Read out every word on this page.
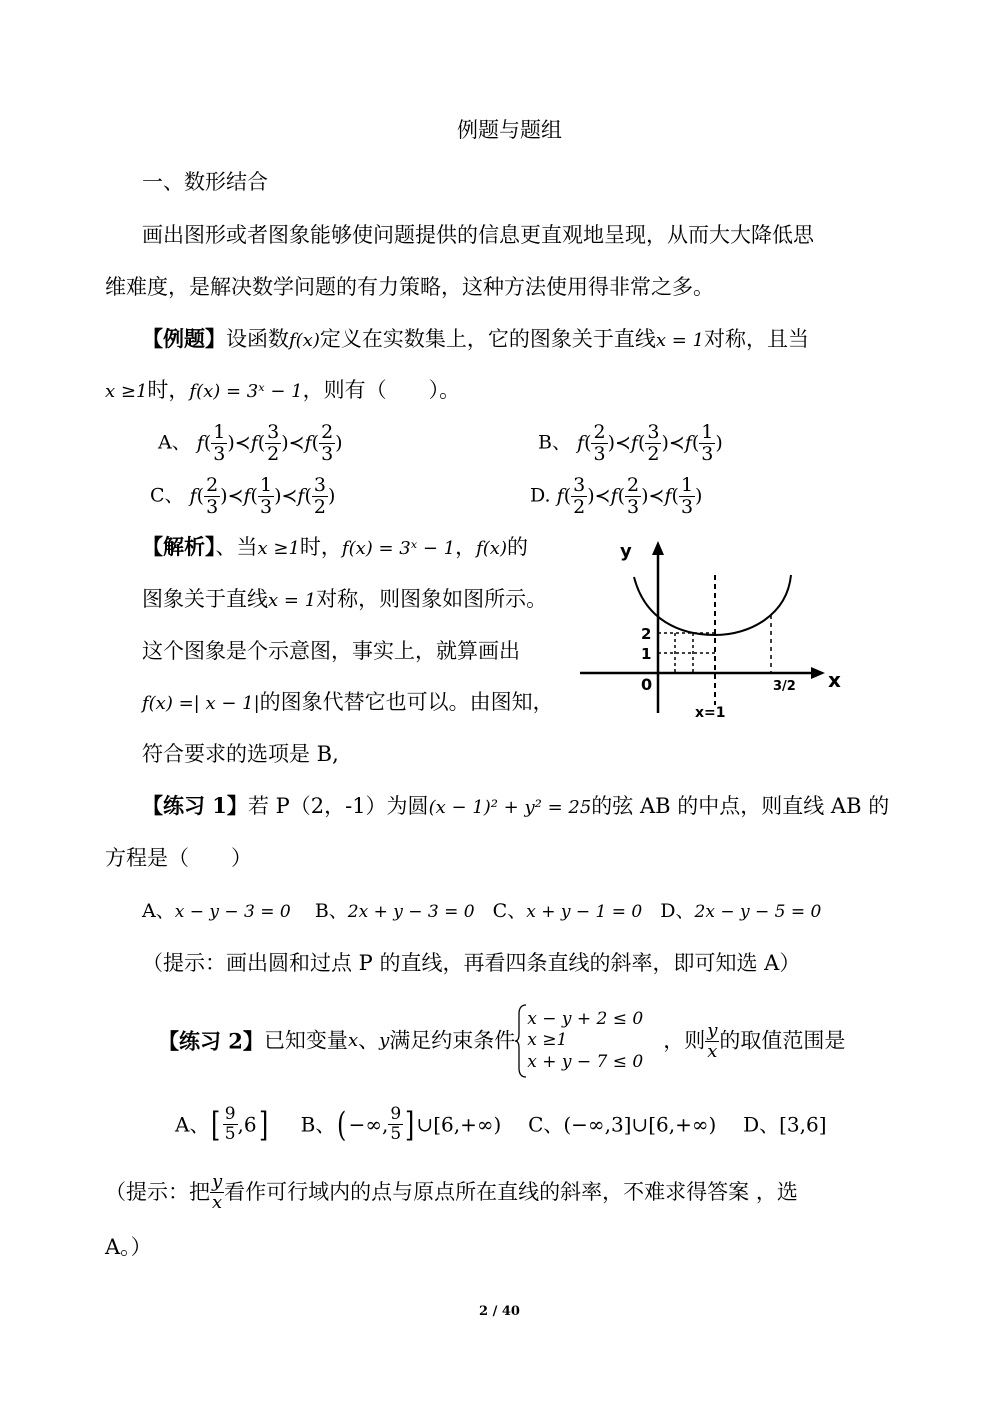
例题与题组
一、数形结合
画出图形或者图象能够使问题提供的信息更直观地呈现，从而大大降低思
维难度，是解决数学问题的有力策略，这种方法使用得非常之多。
【例题】设函数f(x)定义在实数集上，它的图象关于直线x = 1对称，且当
x ≥1时，f(x) = 3ˣ − 1，则有（　　）。
A、 $f( \frac{1}{3}$ )≺f( $\frac{3}{2}$ )≺f( $\frac{2}{3}$ )	B、 $f( \frac{2}{3}$ )≺f( $\frac{3}{2}$ )≺f( $\frac{1}{3}$ )
C、 $f( \frac{2}{3}$ )≺f( $\frac{1}{3}$ )≺f( $\frac{3}{2}$ )	D. $f( \frac{3}{2}$ )≺f( $\frac{2}{3}$ )≺f( $\frac{1}{3}$ )
【解析】、当x ≥1时，f(x) = 3ˣ − 1，f(x)的
图象关于直线x = 1对称，则图象如图所示。
这个图象是个示意图，事实上，就算画出
f(x) =| x − 1|的图象代替它也可以。由图知，
符合要求的选项是 B,
y
x
0
2
1
3/2
x=1
【练习 1】若 P（2，-1）为圆(x − 1)² + y² = 25的弦 AB 的中点，则直线 AB 的
方程是（　　）
A、x − y − 3 = 0 B、2x + y − 3 = 0 C、x + y − 1 = 0 D、2x − y − 5 = 0
（提示：画出圆和过点 P 的直线，再看四条直线的斜率，即可知选 A）
【练习 2】已知变量x、y满足约束条件
x − y + 2 ≤ 0
x ≥1
x + y − 7 ≤ 0
，则 $\frac{y}{x}$ 的取值范围是
A、[ $\frac{9}{5} ,6$] B、(−∞, $\frac{9}{5}$ ]∪[6,+∞) C、(−∞,3]∪[6,+∞) D、[3,6]
（提示：把 $\frac{y}{x}$ 看作可行域内的点与原点所在直线的斜率，不难求得答案 ，选
A。）
2 / 40
